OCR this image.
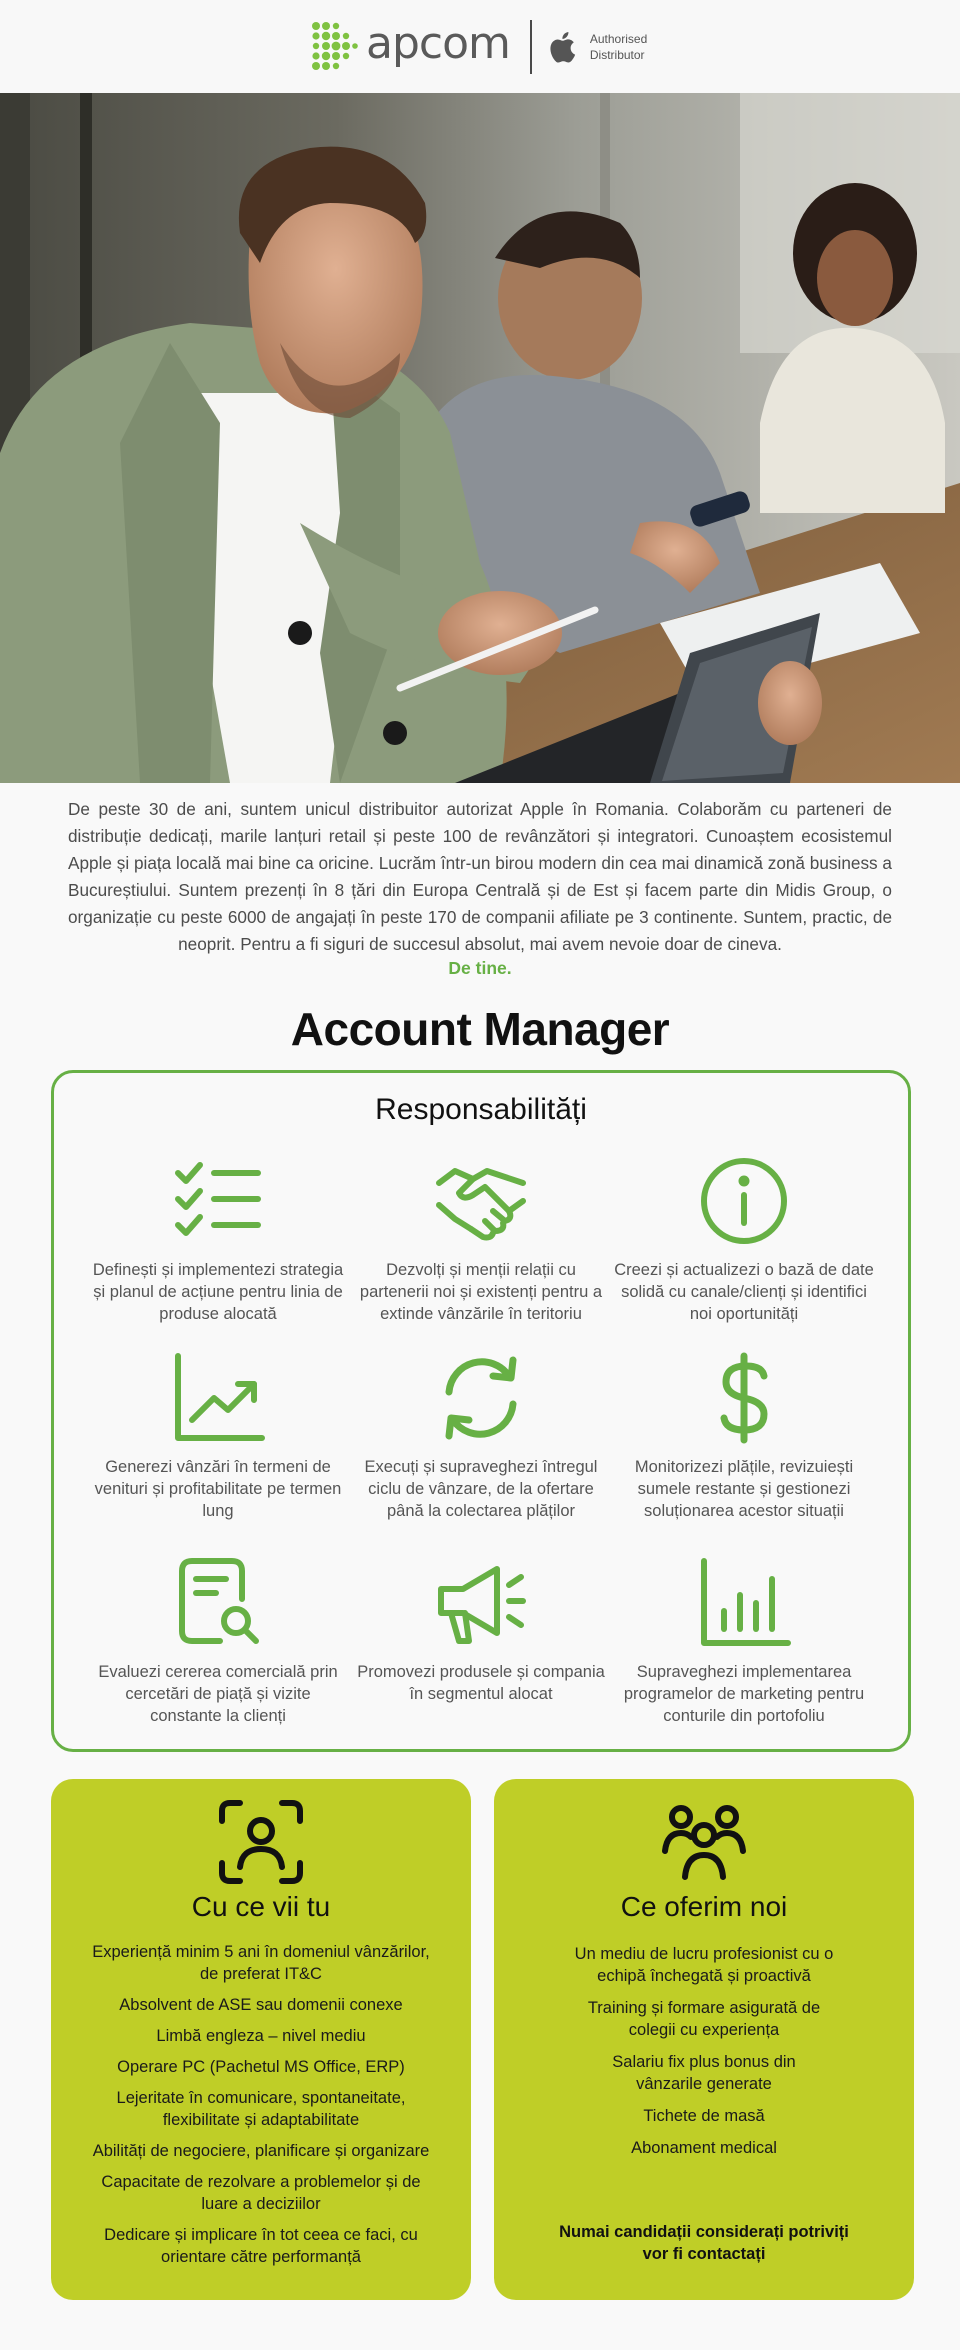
apcom	Authorised
Distributor

De peste 30 de ani, suntem unicul distribuitor autorizat Apple în Romania. Colaborăm cu parteneri de distribuție dedicați, marile lanțuri retail și peste 100 de revânzători și integratori. Cunoaștem ecosistemul Apple și piața locală mai bine ca oricine. Lucrăm într-un birou modern din cea mai dinamică zonă business a Bucureștiului. Suntem prezenți în 8 țări din Europa Centrală și de Est și facem parte din Midis Group, o organizație cu peste 6000 de angajați în peste 170 de companii afiliate pe 3 continente. Suntem, practic, de neoprit. Pentru a fi siguri de succesul absolut, mai avem nevoie doar de cineva.

De tine.
Account Manager
Responsabilități
Definești și implementezi strategia și planul de acțiune pentru linia de produse alocată
Dezvolți și menții relații cu partenerii noi și existenți pentru a extinde vânzările în teritoriu
Creezi și actualizezi o bază de date solidă cu canale/clienți și identifici noi oportunități
Generezi vânzări în termeni de venituri și profitabilitate pe termen lung
Execuți și supraveghezi întregul ciclu de vânzare, de la ofertare până la colectarea plăților
Monitorizezi plățile, revizuiești sumele restante și gestionezi soluționarea acestor situații
Evaluezi cererea comercială prin cercetări de piață și vizite constante la clienți
Promovezi produsele și compania în segmentul alocat
Supraveghezi implementarea programelor de marketing pentru conturile din portofoliu
Cu ce vii tu
Experiență minim 5 ani în domeniul vânzărilor, de preferat IT&C
Absolvent de ASE sau domenii conexe
Limbă engleza – nivel mediu
Operare PC (Pachetul MS Office, ERP)
Lejeritate în comunicare, spontaneitate, flexibilitate și adaptabilitate
Abilități de negociere, planificare și organizare
Capacitate de rezolvare a problemelor și de luare a deciziilor
Dedicare și implicare în tot ceea ce faci, cu orientare către performanță
Ce oferim noi
Un mediu de lucru profesionist cu o echipă închegată și proactivă
Training și formare asigurată de colegii cu experiența
Salariu fix plus bonus din vânzarile generate
Tichete de masă
Abonament medical
Numai candidații considerați potriviți vor fi contactați
